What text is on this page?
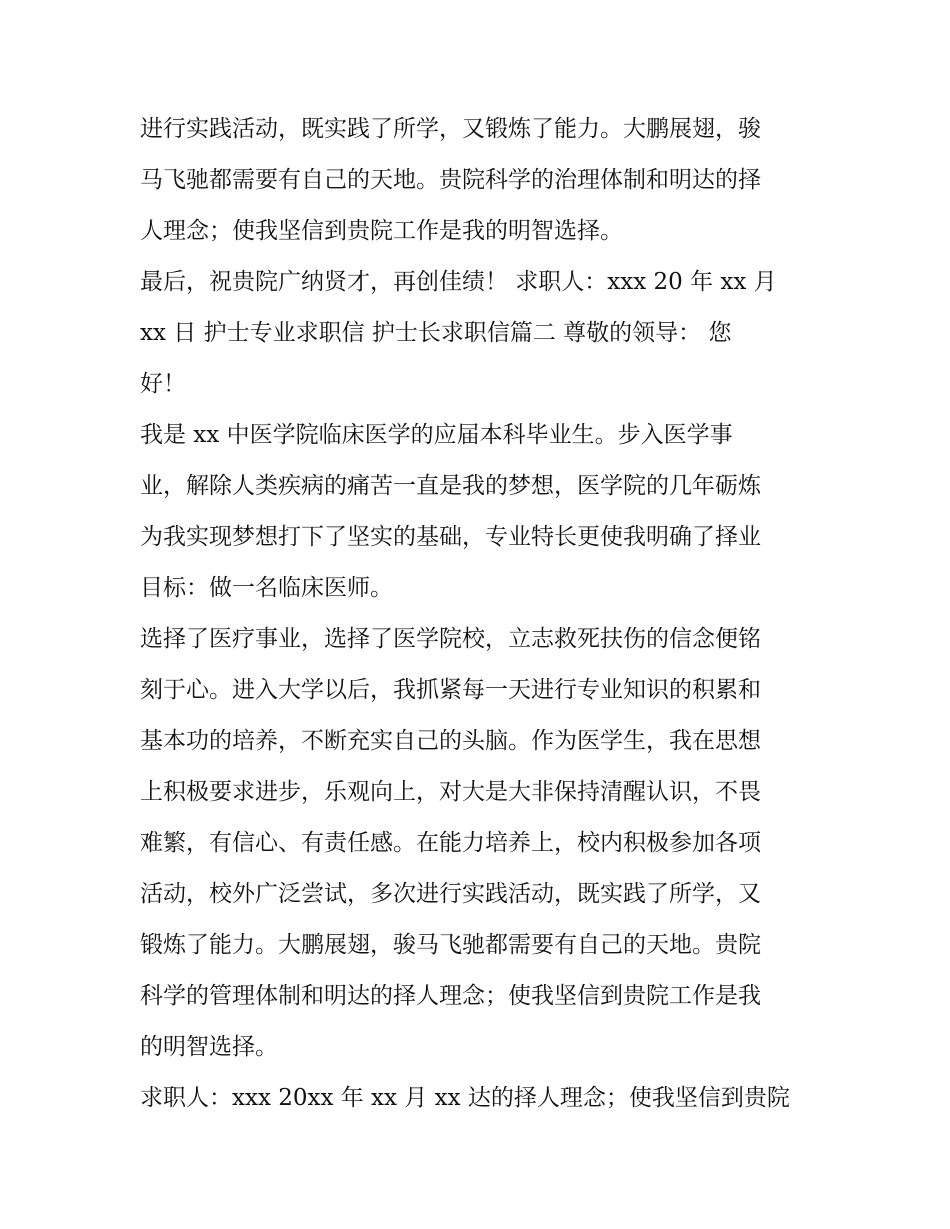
进行实践活动，既实践了所学，又锻炼了能力。大鹏展翅，骏
马飞驰都需要有自己的天地。贵院科学的治理体制和明达的择
人理念；使我坚信到贵院工作是我的明智选择。
最后，祝贵院广纳贤才，再创佳绩！ 求职人：xxx 20 年 xx 月
xx 日 护士专业求职信 护士长求职信篇二 尊敬的领导： 您
好！
我是 xx 中医学院临床医学的应届本科毕业生。步入医学事
业，解除人类疾病的痛苦一直是我的梦想，医学院的几年砺炼
为我实现梦想打下了坚实的基础，专业特长更使我明确了择业
目标：做一名临床医师。
选择了医疗事业，选择了医学院校，立志救死扶伤的信念便铭
刻于心。进入大学以后，我抓紧每一天进行专业知识的积累和
基本功的培养，不断充实自己的头脑。作为医学生，我在思想
上积极要求进步，乐观向上，对大是大非保持清醒认识，不畏
难繁，有信心、有责任感。在能力培养上，校内积极参加各项
活动，校外广泛尝试，多次进行实践活动，既实践了所学，又
锻炼了能力。大鹏展翅，骏马飞驰都需要有自己的天地。贵院
科学的管理体制和明达的择人理念；使我坚信到贵院工作是我
的明智选择。
求职人：xxx 20xx 年 xx 月 xx 达的择人理念；使我坚信到贵院
